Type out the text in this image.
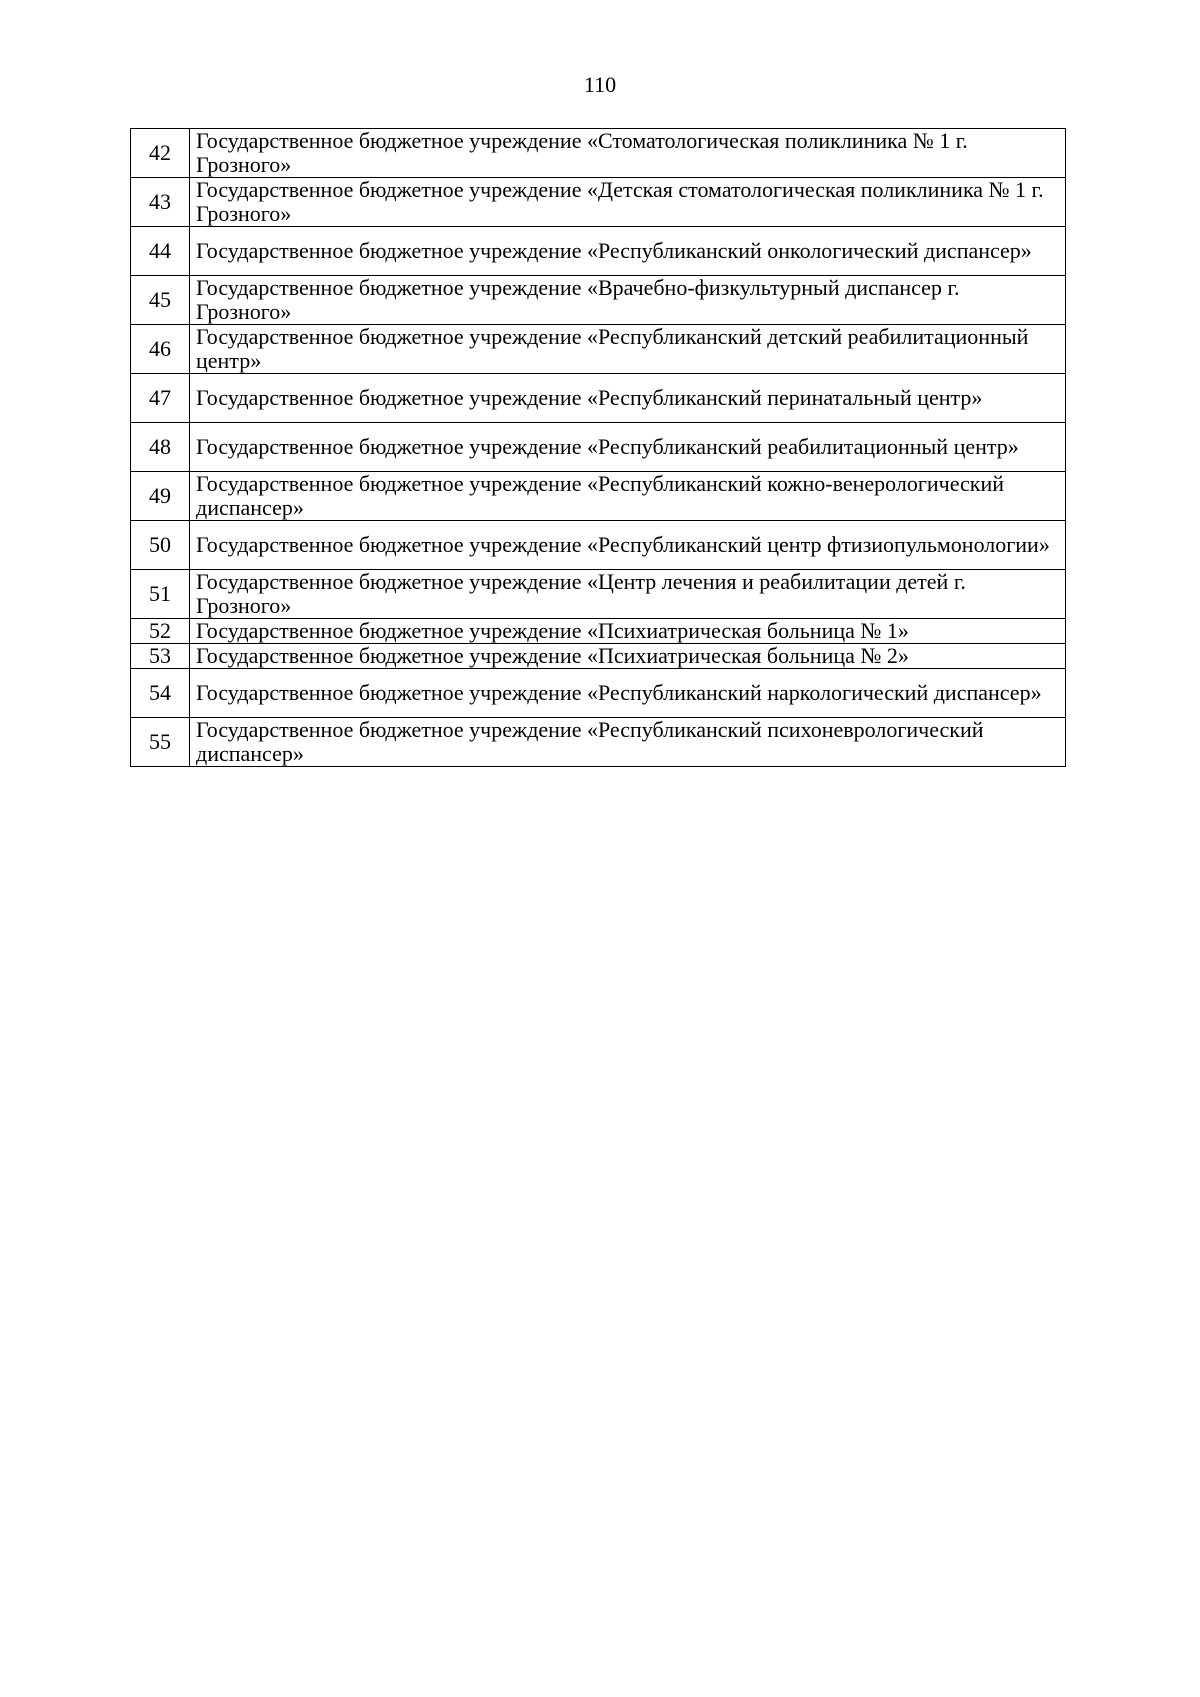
110
42	Государственное бюджетное учреждение «Стоматологическая поликлиника № 1 г. Грозного»
43	Государственное бюджетное учреждение «Детская стоматологическая поликлиника № 1 г. Грозного»
44	Государственное бюджетное учреждение «Республиканский онкологический диспансер»
45	Государственное бюджетное учреждение «Врачебно-физкультурный диспансер г. Грозного»
46	Государственное бюджетное учреждение «Республиканский детский реабилитационный центр»
47	Государственное бюджетное учреждение «Республиканский перинатальный центр»
48	Государственное бюджетное учреждение «Республиканский реабилитационный центр»
49	Государственное бюджетное учреждение «Республиканский кожно-венерологический диспансер»
50	Государственное бюджетное учреждение «Республиканский центр фтизиопульмонологии»
51	Государственное бюджетное учреждение «Центр лечения и реабилитации детей г. Грозного»
52	Государственное бюджетное учреждение «Психиатрическая больница № 1»
53	Государственное бюджетное учреждение «Психиатрическая больница № 2»
54	Государственное бюджетное учреждение «Республиканский наркологический диспансер»
55	Государственное бюджетное учреждение «Республиканский психоневрологический диспансер»
